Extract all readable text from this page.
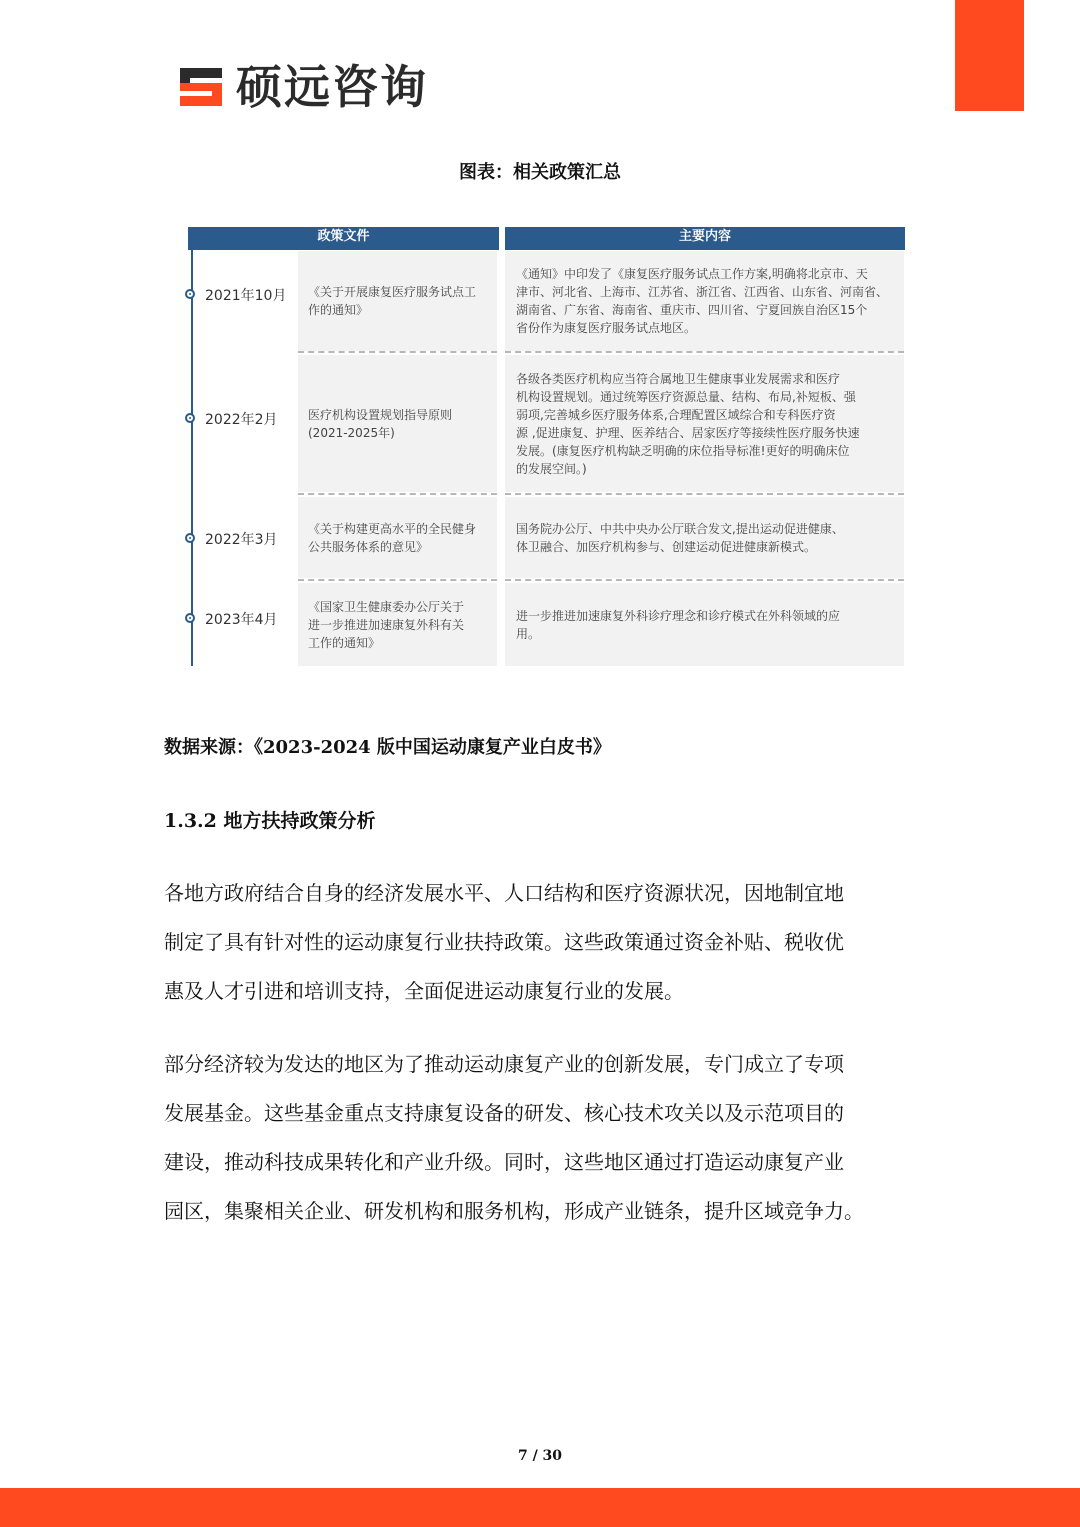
硕远咨询
图表：相关政策汇总
政策文件	主要内容
2021年10月 《关于开展康复医疗服务试点工
作的通知》
《通知》中印发了《康复医疗服务试点工作方案,明确将北京市、天
津市、河北省、上海市、江苏省、浙江省、江西省、山东省、河南省、
湖南省、广东省、海南省、重庆市、四川省、宁夏回族自治区15个
省份作为康复医疗服务试点地区。
2022年2月	医疗机构设置规划指导原则
(2021-2025年)
各级各类医疗机构应当符合属地卫生健康事业发展需求和医疗
机构设置规划。通过统筹医疗资源总量、结构、布局,补短板、强
弱项,完善城乡医疗服务体系,合理配置区域综合和专科医疗资
源 ,促进康复、护理、医养结合、居家医疗等接续性医疗服务快速
发展。(康复医疗机构缺乏明确的床位指导标准!更好的明确床位
的发展空间。)
2022年3月
《关于构建更高水平的全民健身
公共服务体系的意见》
国务院办公厅、中共中央办公厅联合发文,提出运动促进健康、
体卫融合、加医疗机构参与、创建运动促进健康新模式。
2023年4月
《国家卫生健康委办公厅关于
进一步推进加速康复外科有关
工作的通知》
进一步推进加速康复外科诊疗理念和诊疗模式在外科领域的应
用。
数据来源：《2023-2024 版中国运动康复产业白皮书》
1.3.2 地方扶持政策分析
各地方政府结合自身的经济发展水平、人口结构和医疗资源状况，因地制宜地
制定了具有针对性的运动康复行业扶持政策。这些政策通过资金补贴、税收优
惠及人才引进和培训支持，全面促进运动康复行业的发展。
部分经济较为发达的地区为了推动运动康复产业的创新发展，专门成立了专项
发展基金。这些基金重点支持康复设备的研发、核心技术攻关以及示范项目的
建设，推动科技成果转化和产业升级。同时，这些地区通过打造运动康复产业
园区，集聚相关企业、研发机构和服务机构，形成产业链条，提升区域竞争力。
7 / 30
